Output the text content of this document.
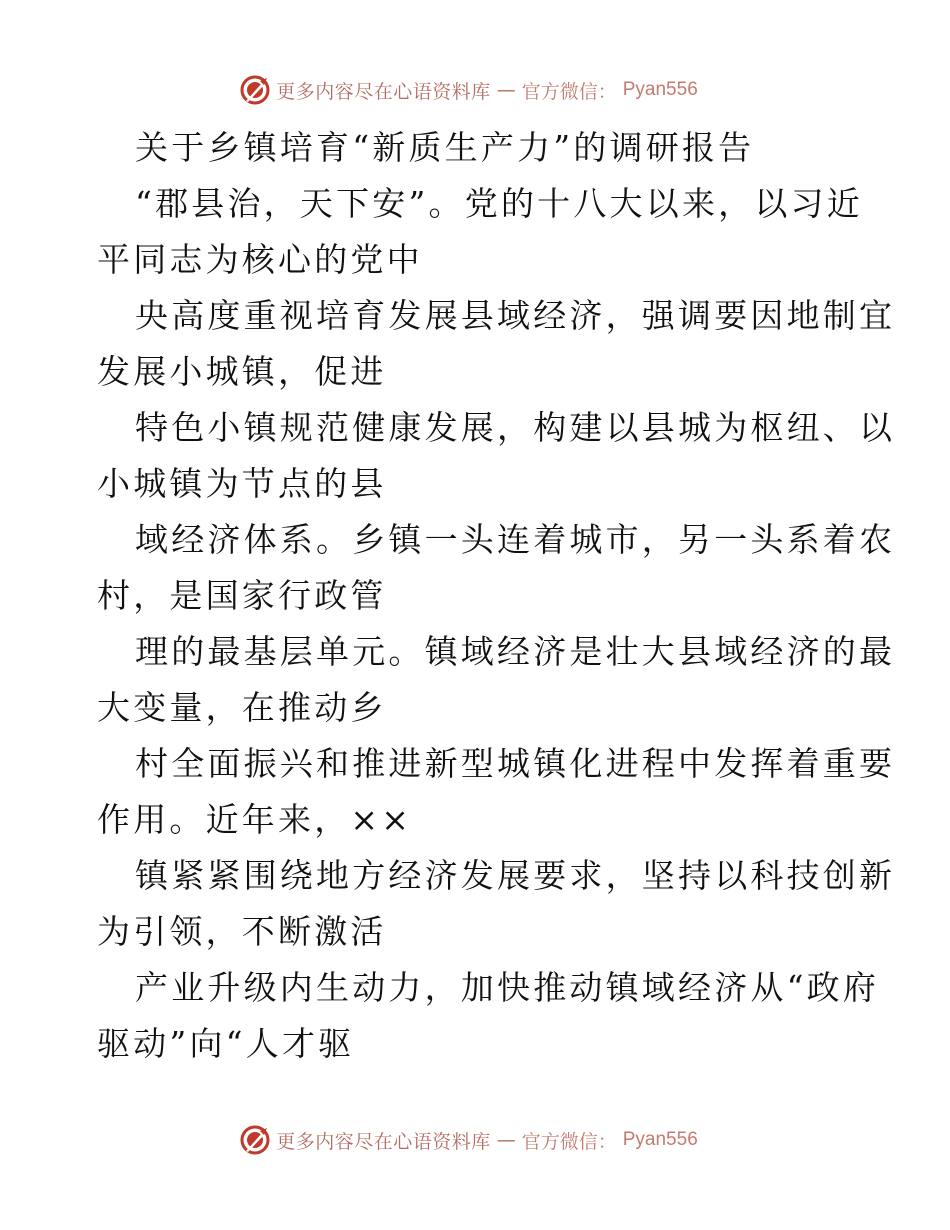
更多内容尽在心语资料库 — 官方微信： Pyan556
关于乡镇培育“新质生产力”的调研报告
“郡县治，天下安”。党的十八大以来，以习近
平同志为核心的党中
央高度重视培育发展县域经济，强调要因地制宜
发展小城镇，促进
特色小镇规范健康发展，构建以县城为枢纽、以
小城镇为节点的县
域经济体系。乡镇一头连着城市，另一头系着农
村，是国家行政管
理的最基层单元。镇域经济是壮大县域经济的最
大变量，在推动乡
村全面振兴和推进新型城镇化进程中发挥着重要
作用。近年来，××
镇紧紧围绕地方经济发展要求，坚持以科技创新
为引领，不断激活
产业升级内生动力，加快推动镇域经济从“政府
驱动”向“人才驱
更多内容尽在心语资料库 — 官方微信： Pyan556
